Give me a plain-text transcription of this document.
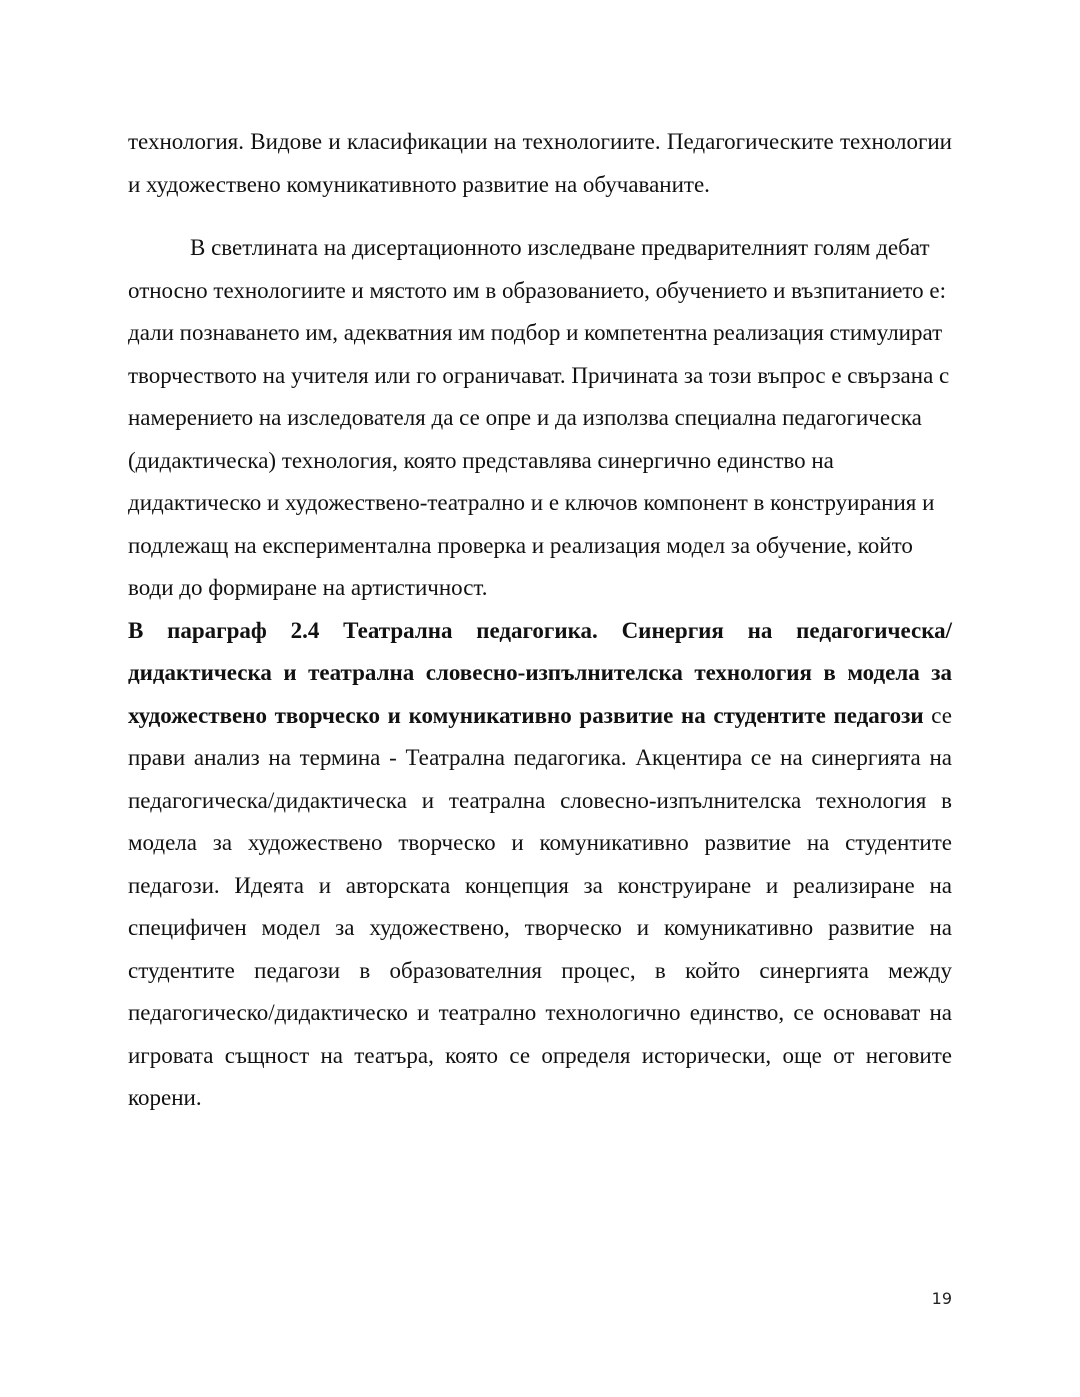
технология. Видове и класификации на технологиите. Педагогическите технологии и художествено комуникативното развитие на обучаваните.

В светлината на дисертационното изследване предварителният голям дебат относно технологиите и мястото им в образованието, обучението и възпитанието е: дали познаването им, адекватния им подбор и компетентна реализация стимулират творчеството на учителя или го ограничават. Причината за този въпрос е свързана с намерението на изследователя да се опре и да използва специална педагогическа (дидактическа) технология, която представлява синергично единство на дидактическо и художествено-театрално и е ключов компонент в конструирания и подлежащ на експериментална проверка и реализация модел за обучение, който води до формиране на артистичност.

В параграф 2.4 Театрална педагогика. Синергия на педагогическа/дидактическа и театрална словесно-изпълнителска технология в модела за художествено творческо и комуникативно развитие на студентите педагози се прави анализ на термина - Театрална педагогика. Акцентира се на синергията на педагогическа/дидактическа и театрална словесно-изпълнителска технология в модела за художествено творческо и комуникативно развитие на студентите педагози. Идеята и авторската концепция за конструиране и реализиране на специфичен модел за художествено, творческо и комуникативно развитие на студентите педагози в образователния процес, в който синергията между педагогическо/дидактическо и театрално технологично единство, се основават на игровата същност на театъра, която се определя исторически, още от неговите корени.

19
